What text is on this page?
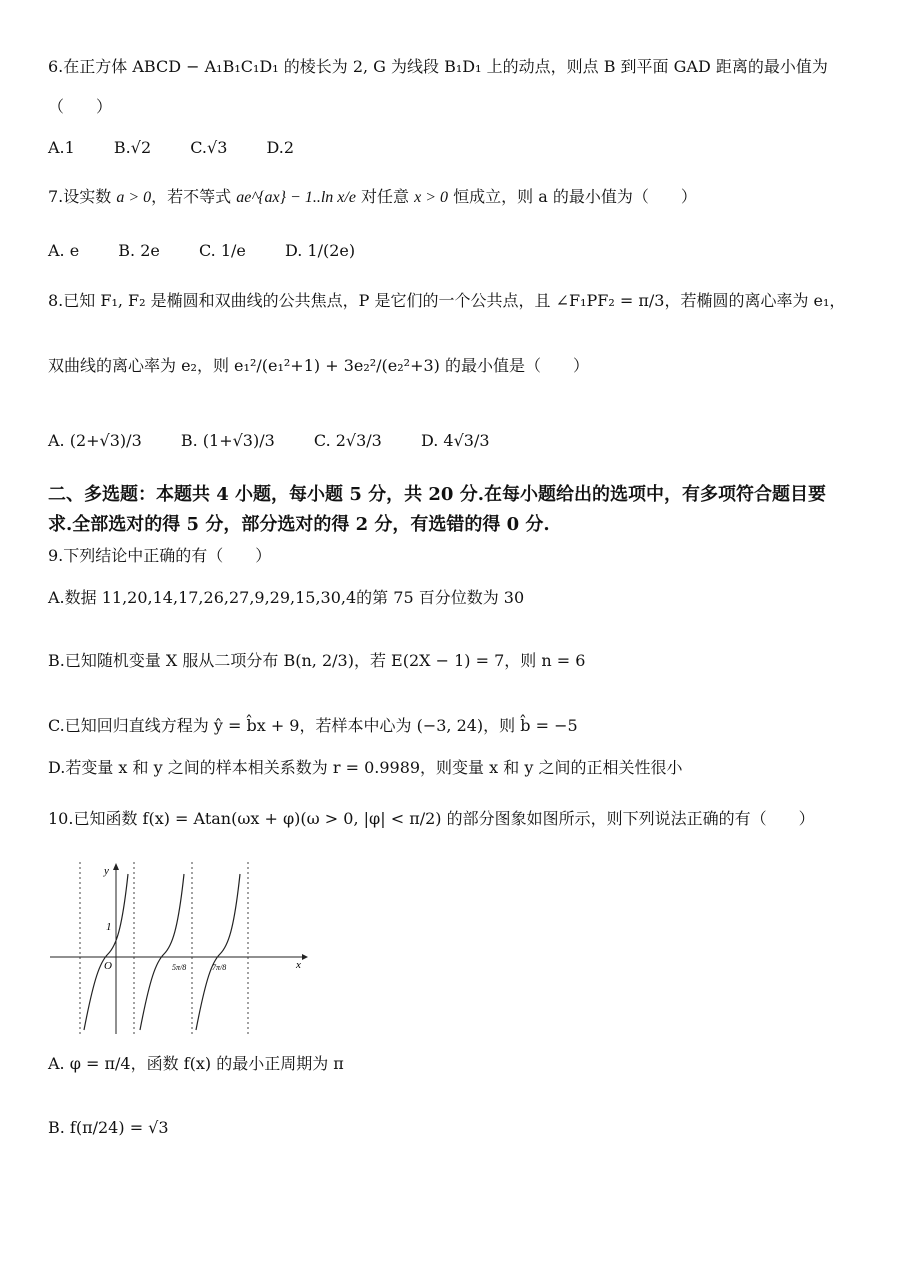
6.在正方体 ABCD − A₁B₁C₁D₁ 的棱长为 2, G 为线段 B₁D₁ 上的动点，则点 B 到平面 GAD 距离的最小值为
（　　）
A.1 B.√2 C.√3 D.2
7.设实数 a > 0，若不等式 ae^{ax} − 1..ln x/e 对任意 x > 0 恒成立，则 a 的最小值为（　　）
A. e B. 2e C. 1/e D. 1/(2e)
8.已知 F₁, F₂ 是椭圆和双曲线的公共焦点，P 是它们的一个公共点，且 ∠F₁PF₂ = π/3，若椭圆的离心率为 e₁，
双曲线的离心率为 e₂，则 e₁²/(e₁²+1) + 3e₂²/(e₂²+3) 的最小值是（　　）
A. (2+√3)/3 B. (1+√3)/3 C. 2√3/3 D. 4√3/3
二、多选题：本题共 4 小题，每小题 5 分，共 20 分.在每小题给出的选项中，有多项符合题目要
求.全部选对的得 5 分，部分选对的得 2 分，有选错的得 0 分.
9.下列结论中正确的有（　　）
A.数据 11,20,14,17,26,27,9,29,15,30,4的第 75 百分位数为 30
B.已知随机变量 X 服从二项分布 B(n, 2/3)，若 E(2X − 1) = 7，则 n = 6
C.已知回归直线方程为 ŷ = b̂x + 9，若样本中心为 (−3, 24)，则 b̂ = −5
D.若变量 x 和 y 之间的样本相关系数为 r = 0.9989，则变量 x 和 y 之间的正相关性很小
10.已知函数 f(x) = Atan(ωx + φ)(ω > 0, |φ| < π/2) 的部分图象如图所示，则下列说法正确的有（　　）
y
x
O
1
5π/8	7π/8
A. φ = π/4，函数 f(x) 的最小正周期为 π
B. f(π/24) = √3
